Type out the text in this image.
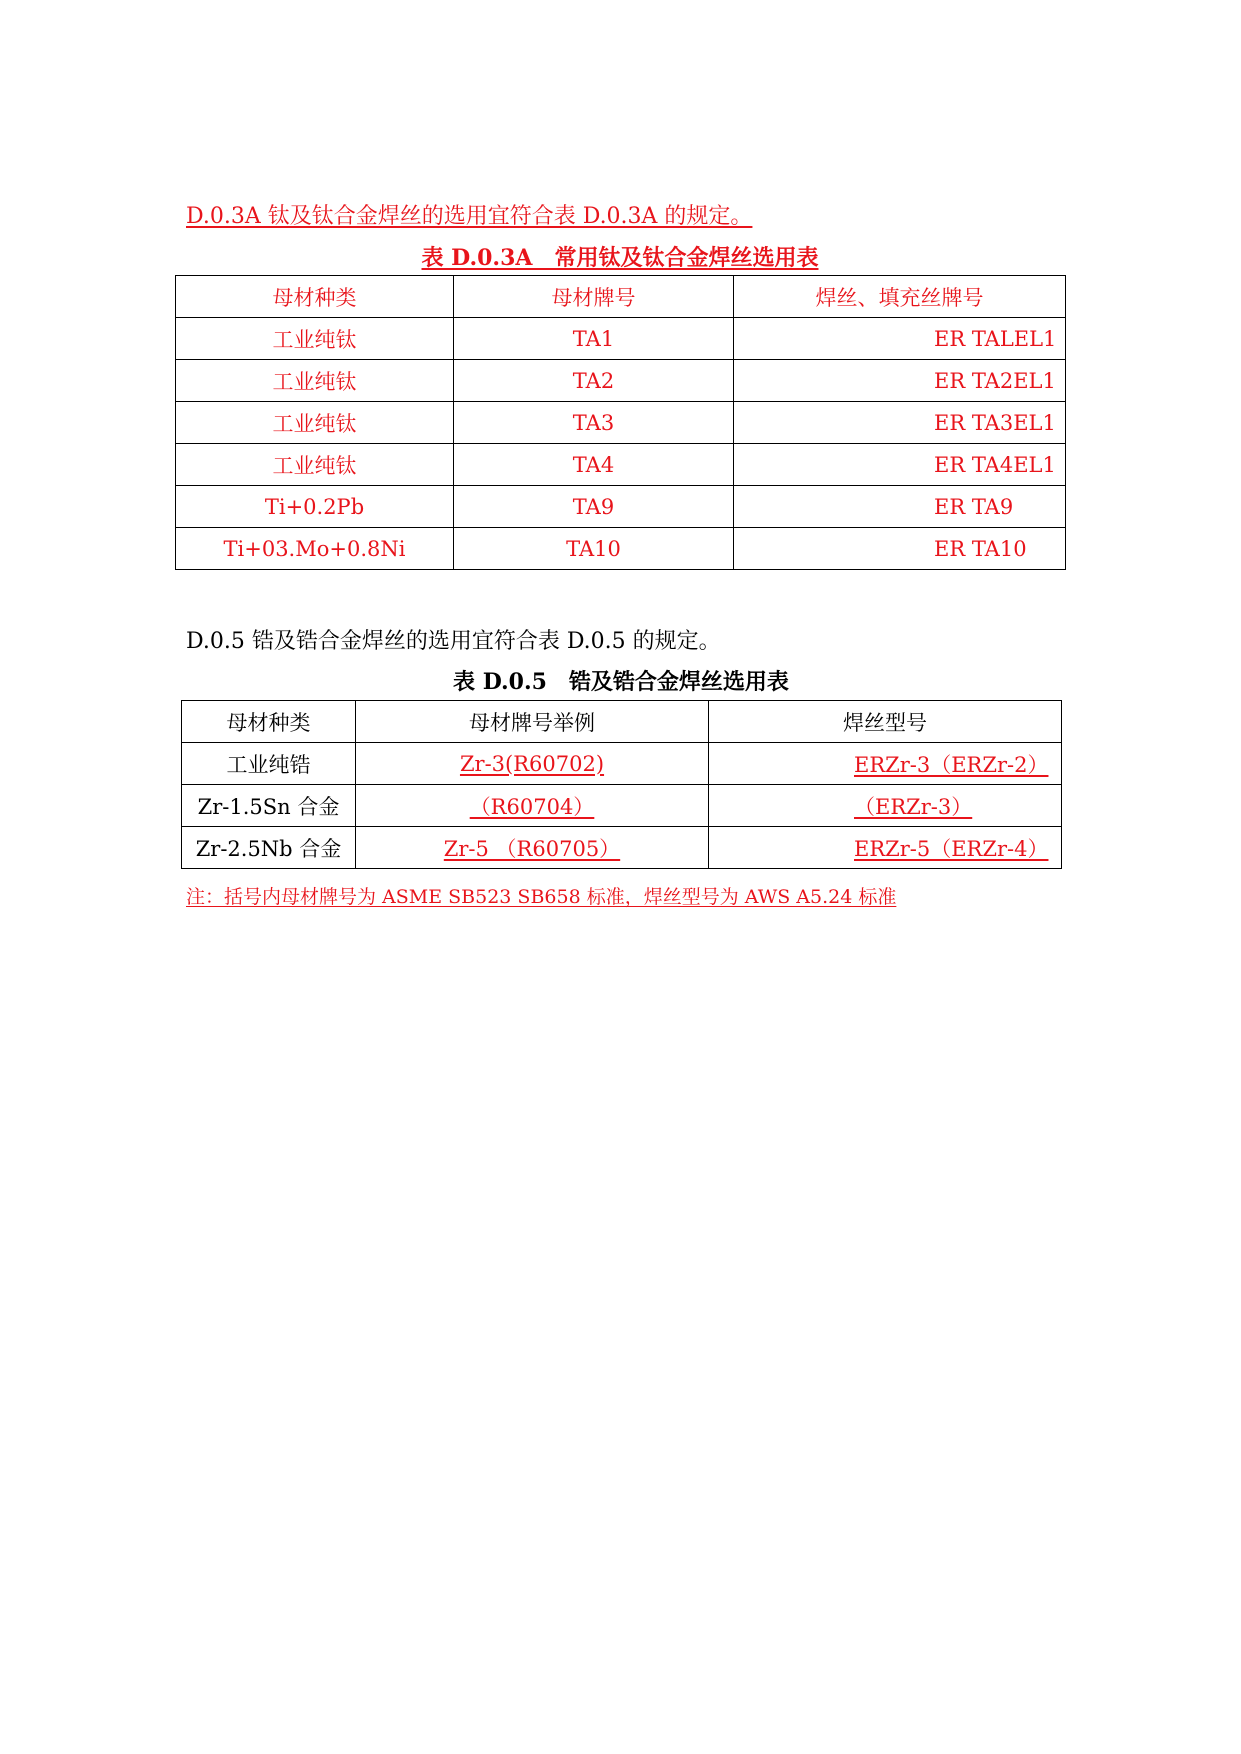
D.0.3A 钛及钛合金焊丝的选用宜符合表 D.0.3A 的规定。
表 D.0.3A　常用钛及钛合金焊丝选用表
母材种类	母材牌号	焊丝、填充丝牌号
工业纯钛	TA1	ER TALEL1
工业纯钛	TA2	ER TA2EL1
工业纯钛	TA3	ER TA3EL1
工业纯钛	TA4	ER TA4EL1
Ti+0.2Pb	TA9	ER TA9
Ti+03.Mo+0.8Ni	TA10	ER TA10
D.0.5 锆及锆合金焊丝的选用宜符合表 D.0.5 的规定。
表 D.0.5　锆及锆合金焊丝选用表
母材种类	母材牌号举例	焊丝型号
工业纯锆	Zr-3(R60702)	ERZr-3（ERZr-2）
Zr-1.5Sn 合金	（R60704）	（ERZr-3）
Zr-2.5Nb 合金	Zr-5 （R60705）	ERZr-5（ERZr-4）
注：括号内母材牌号为 ASME SB523 SB658 标准，焊丝型号为 AWS A5.24 标准
